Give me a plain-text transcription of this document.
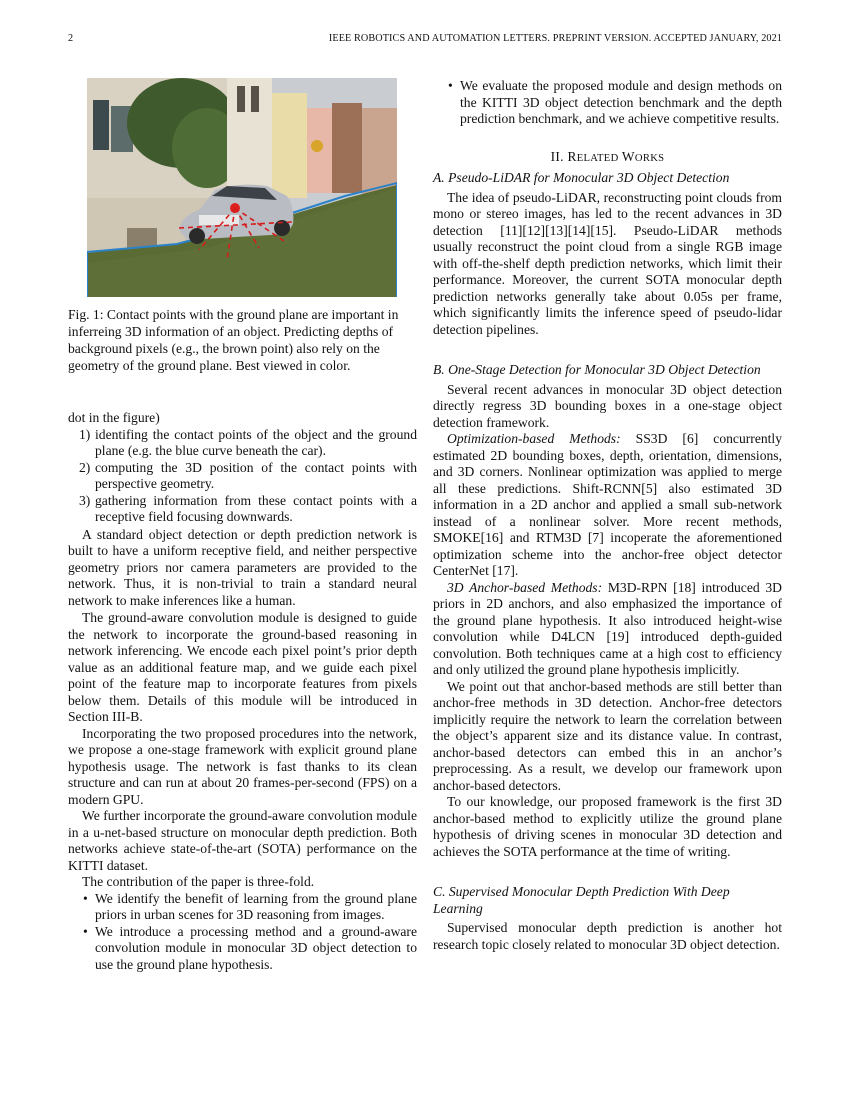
2	IEEE ROBOTICS AND AUTOMATION LETTERS. PREPRINT VERSION. ACCEPTED JANUARY, 2021
Fig. 1: Contact points with the ground plane are important in inferreing 3D information of an object. Predicting depths of background pixels (e.g., the brown point) also rely on the geometry of the ground plane. Best viewed in color.

dot in the figure)

1) identifing the contact points of the object and the ground plane (e.g. the blue curve beneath the car).
2) computing the 3D position of the contact points with perspective geometry.
3) gathering information from these contact points with a receptive field focusing downwards.

A standard object detection or depth prediction network is built to have a uniform receptive field, and neither perspective geometry priors nor camera parameters are provided to the network. Thus, it is non-trivial to train a standard neural network to make inferences like a human.

The ground-aware convolution module is designed to guide the network to incorporate the ground-based reasoning in network inferencing. We encode each pixel point’s prior depth value as an additional feature map, and we guide each pixel point of the feature map to incorporate features from pixels below them. Details of this module will be introduced in Section III-B.

Incorporating the two proposed procedures into the network, we propose a one-stage framework with explicit ground plane hypothesis usage. The network is fast thanks to its clean structure and can run at about 20 frames-per-second (FPS) on a modern GPU.

We further incorporate the ground-aware convolution module in a u-net-based structure on monocular depth prediction. Both networks achieve state-of-the-art (SOTA) performance on the KITTI dataset.

The contribution of the paper is three-fold.

• We identify the benefit of learning from the ground plane priors in urban scenes for 3D reasoning from images.
• We introduce a processing method and a ground-aware convolution module in monocular 3D object detection to use the ground plane hypothesis.
• We evaluate the proposed module and design methods on the KITTI 3D object detection benchmark and the depth prediction benchmark, and we achieve competitive results.
II. RELATED WORKS
A. Pseudo-LiDAR for Monocular 3D Object Detection

The idea of pseudo-LiDAR, reconstructing point clouds from mono or stereo images, has led to the recent advances in 3D detection [11][12][13][14][15]. Pseudo-LiDAR methods usually reconstruct the point cloud from a single RGB image with off-the-shelf depth prediction networks, which limit their performance. Moreover, the current SOTA monocular depth prediction networks generally take about 0.05s per frame, which significantly limits the inference speed of pseudo-lidar detection pipelines.

B. One-Stage Detection for Monocular 3D Object Detection

Several recent advances in monocular 3D object detection directly regress 3D bounding boxes in a one-stage object detection framework.

Optimization-based Methods: SS3D [6] concurrently estimated 2D bounding boxes, depth, orientation, dimensions, and 3D corners. Nonlinear optimization was applied to merge all these predictions. Shift-RCNN[5] also estimated 3D information in a 2D anchor and applied a small sub-network instead of a nonlinear solver. More recent methods, SMOKE[16] and RTM3D [7] incoperate the aforementioned optimization scheme into the anchor-free object detector CenterNet [17].

3D Anchor-based Methods: M3D-RPN [18] introduced 3D priors in 2D anchors, and also emphasized the importance of the ground plane hypothesis. It also introduced height-wise convolution while D4LCN [19] introduced depth-guided convolution. Both techniques came at a high cost to efficiency and only utilized the ground plane hypothesis implicitly.

We point out that anchor-based methods are still better than anchor-free methods in 3D detection. Anchor-free detectors implicitly require the network to learn the correlation between the object’s apparent size and its distance value. In contrast, anchor-based detectors can embed this in an anchor’s preprocessing. As a result, we develop our framework upon anchor-based detectors.

To our knowledge, our proposed framework is the first 3D anchor-based method to explicitly utilize the ground plane hypothesis of driving scenes in monocular 3D detection and achieves the SOTA performance at the time of writing.

C. Supervised Monocular Depth Prediction With Deep Learning

Supervised monocular depth prediction is another hot research topic closely related to monocular 3D object detection.
